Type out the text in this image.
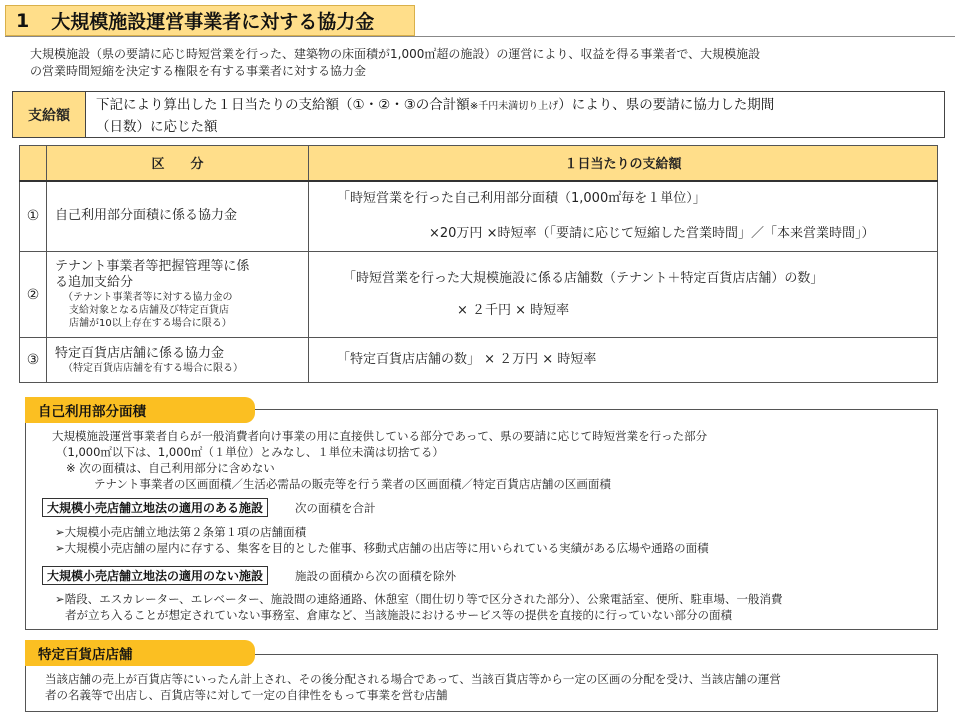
1 大規模施設運営事業者に対する協力金
大規模施設（県の要請に応じ時短営業を行った、建築物の床面積が1,000㎡超の施設）の運営により、収益を得る事業者で、大規模施設
の営業時間短縮を決定する権限を有する事業者に対する協力金
支給額
下記により算出した１日当たりの支給額（①・②・③の合計額※千円未満切り上げ）により、県の要請に協力した期間
（日数）に応じた額
	区　　分	１日当たりの支給額
①	自己利用部分面積に係る協力金	「時短営業を行った自己利用部分面積（1,000㎡毎を１単位）」
×20万円 ×時短率（「要請に応じて短縮した営業時間」／「本来営業時間」）

②	テナント事業者等把握管理等に係
る追加支給分
（テナント事業者等に対する協力金の
支給対象となる店舗及び特定百貨店
店舗が10以上存在する場合に限る）	「時短営業を行った大規模施設に係る店舗数（テナント＋特定百貨店店舗）の数」
× ２千円 × 時短率

③	特定百貨店店舗に係る協力金
（特定百貨店店舗を有する場合に限る）	「特定百貨店店舗の数」 × ２万円 × 時短率
自己利用部分面積
大規模施設運営事業者自らが一般消費者向け事業の用に直接供している部分であって、県の要請に応じて時短営業を行った部分
（1,000㎡以下は、1,000㎡（１単位）とみなし、１単位未満は切捨てる）
※ 次の面積は、自己利用部分に含めない
テナント事業者の区画面積／生活必需品の販売等を行う業者の区画面積／特定百貨店店舗の区画面積
大規模小売店舗立地法の適用のある施設	次の面積を合計
➢大規模小売店舗立地法第２条第１項の店舗面積
➢大規模小売店舗の屋内に存する、集客を目的とした催事、移動式店舗の出店等に用いられている実績がある広場や通路の面積
大規模小売店舗立地法の適用のない施設	施設の面積から次の面積を除外
➢階段、エスカレーター、エレベーター、施設間の連絡通路、休憩室（間仕切り等で区分された部分）、公衆電話室、便所、駐車場、一般消費
者が立ち入ることが想定されていない事務室、倉庫など、当該施設におけるサービス等の提供を直接的に行っていない部分の面積
特定百貨店店舗
当該店舗の売上が百貨店等にいったん計上され、その後分配される場合であって、当該百貨店等から一定の区画の分配を受け、当該店舗の運営
者の名義等で出店し、百貨店等に対して一定の自律性をもって事業を営む店舗
